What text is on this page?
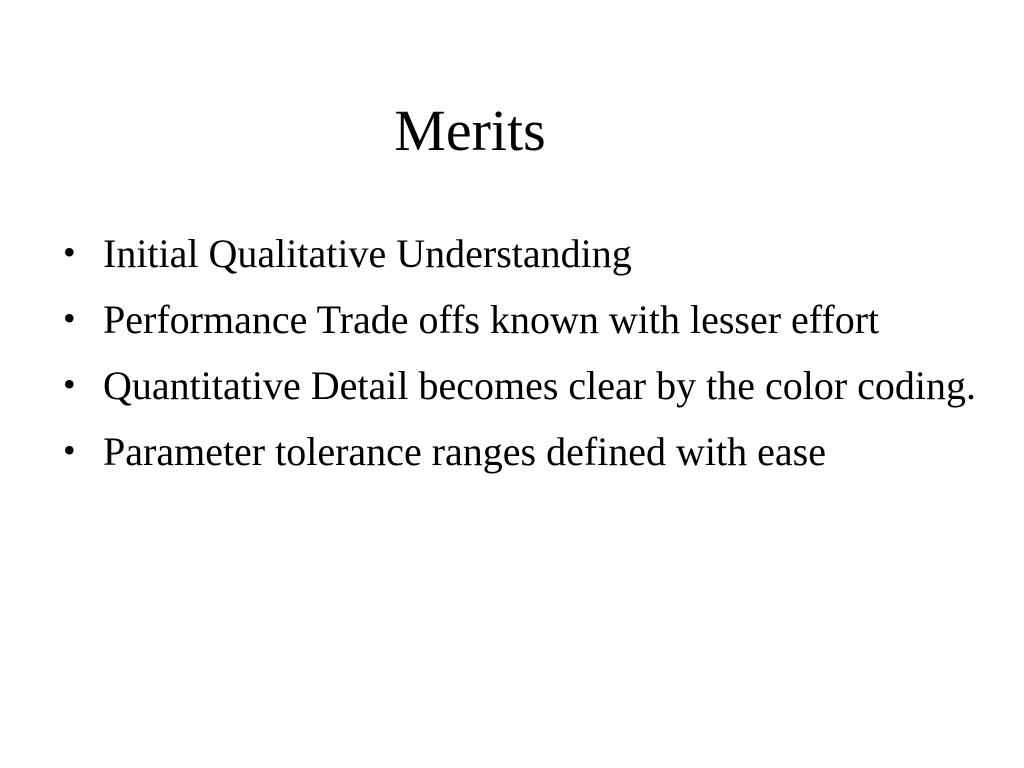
Merits
• Initial Qualitative Understanding
• Performance Trade offs known with lesser effort
• Quantitative Detail becomes clear by the color coding.
• Parameter tolerance ranges defined with ease
